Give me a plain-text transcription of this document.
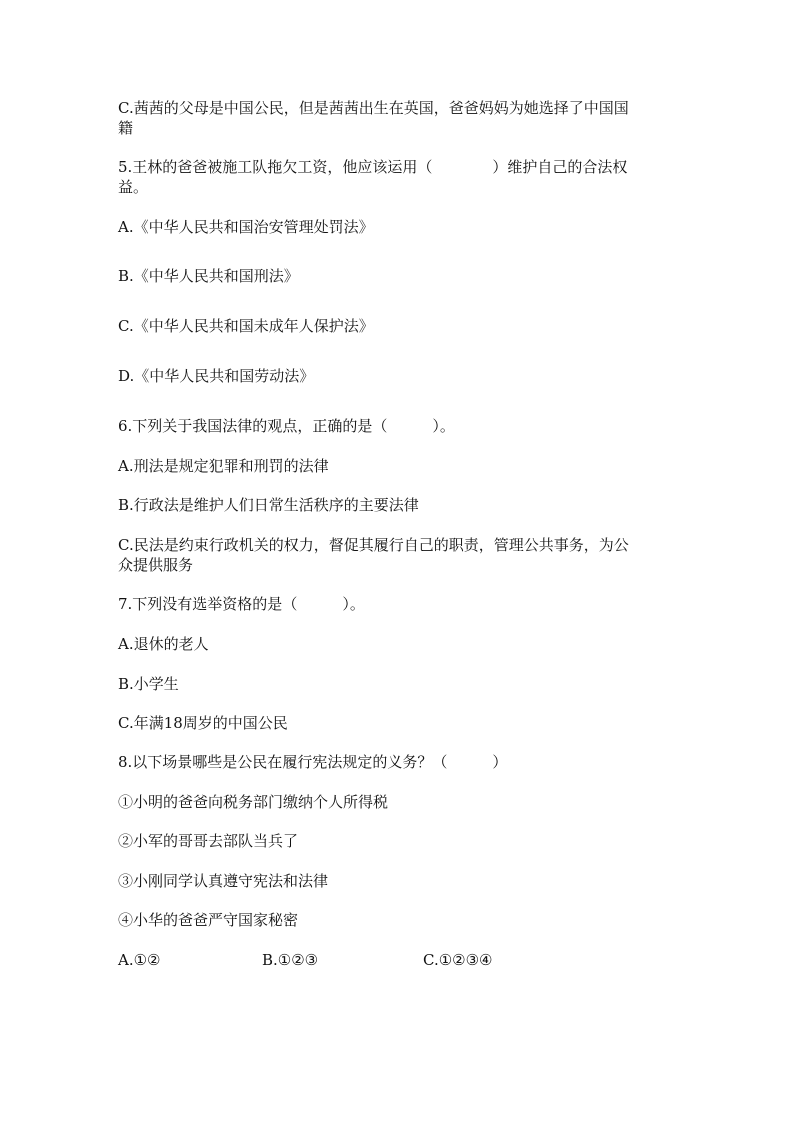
C.茜茜的父母是中国公民，但是茜茜出生在英国，爸爸妈妈为她选择了中国国
籍
5.王林的爸爸被施工队拖欠工资，他应该运用（　　　　）维护自己的合法权
益。
A.《中华人民共和国治安管理处罚法》
B.《中华人民共和国刑法》
C.《中华人民共和国未成年人保护法》
D.《中华人民共和国劳动法》
6.下列关于我国法律的观点，正确的是（　　　）。
A.刑法是规定犯罪和刑罚的法律
B.行政法是维护人们日常生活秩序的主要法律
C.民法是约束行政机关的权力，督促其履行自己的职责，管理公共事务，为公
众提供服务
7.下列没有选举资格的是（　　　）。
A.退休的老人
B.小学生
C.年满18周岁的中国公民
8.以下场景哪些是公民在履行宪法规定的义务？（　　　）
①小明的爸爸向税务部门缴纳个人所得税
②小军的哥哥去部队当兵了
③小刚同学认真遵守宪法和法律
④小华的爸爸严守国家秘密
A.①②	B.①②③	C.①②③④
